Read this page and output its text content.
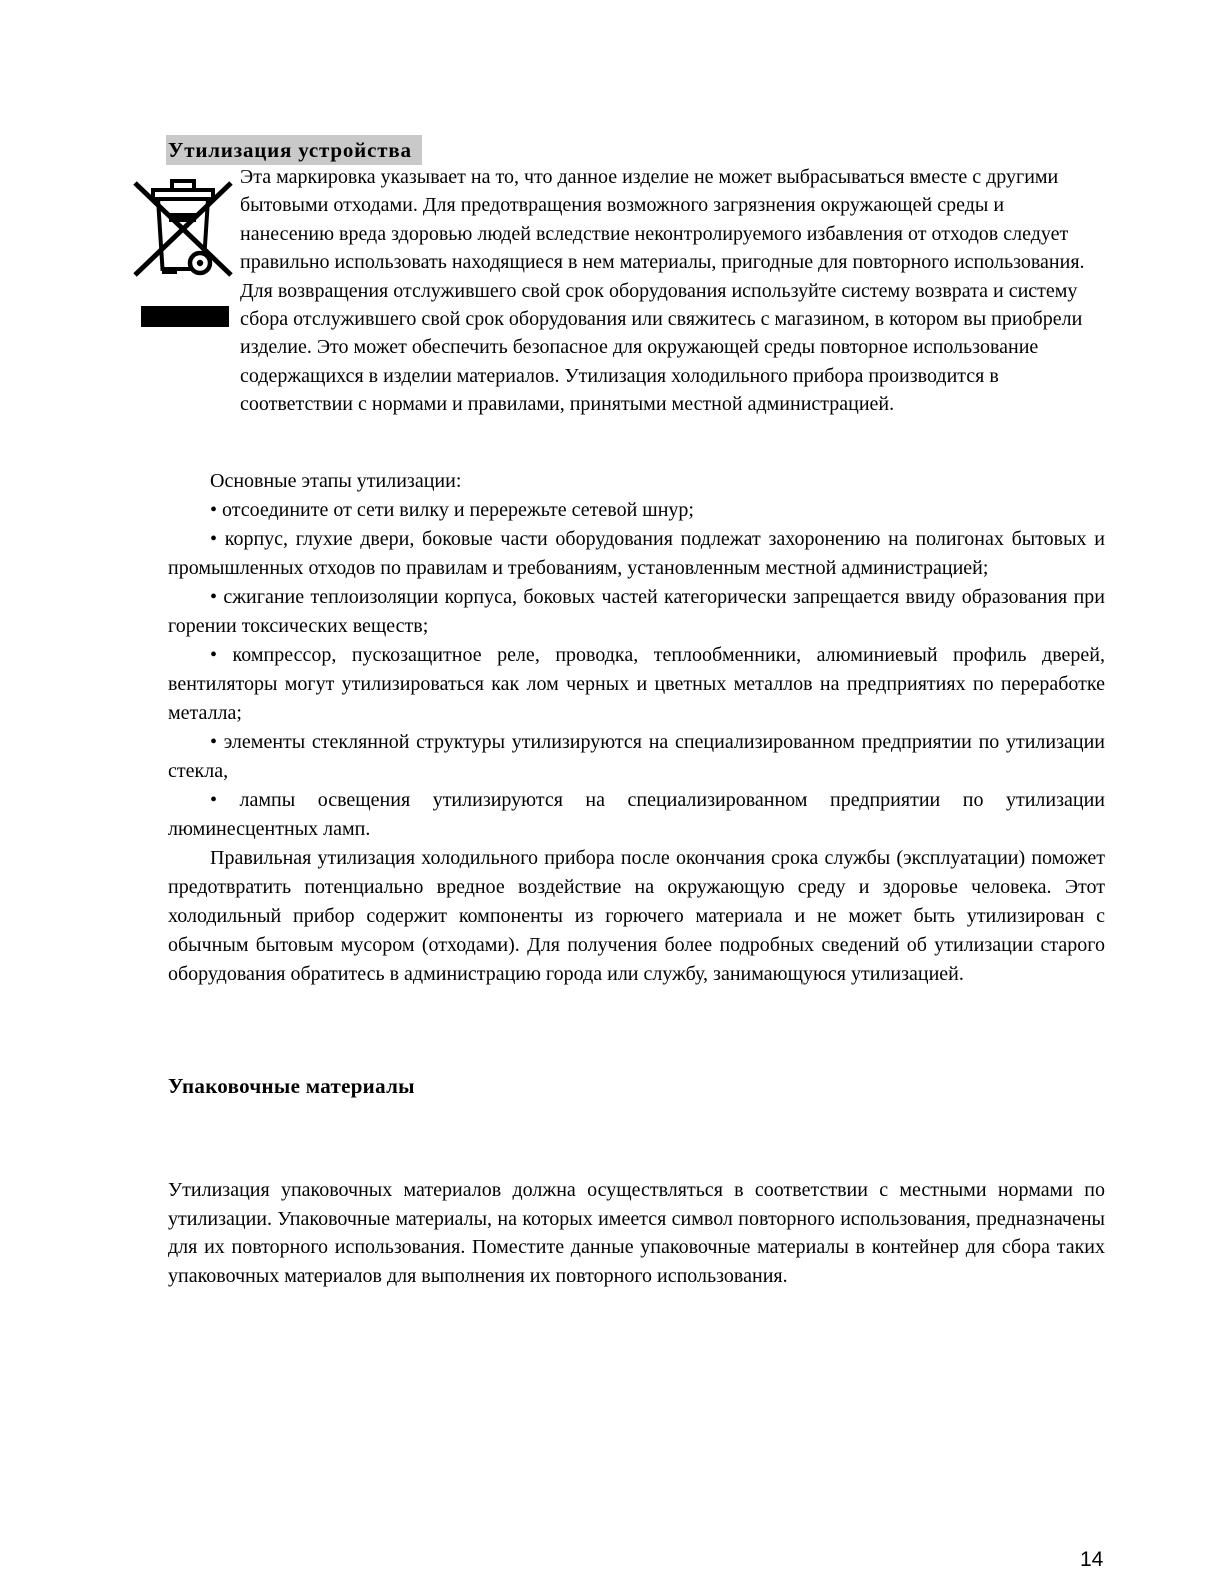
Утилизация устройства

Эта маркировка указывает на то, что данное изделие не может выбрасываться вместе с другими бытовыми отходами. Для предотвращения возможного загрязнения окружающей среды и нанесению вреда здоровью людей вследствие неконтролируемого избавления от отходов следует правильно использовать находящиеся в нем материалы, пригодные для повторного использования. Для возвращения отслужившего свой срок оборудования используйте систему возврата и систему сбора отслужившего свой срок оборудования или свяжитесь с магазином, в котором вы приобрели изделие. Это может обеспечить безопасное для окружающей среды повторное использование содержащихся в изделии материалов. Утилизация холодильного прибора производится в соответствии с нормами и правилами, принятыми местной администрацией.

Основные этапы утилизации:

• отсоедините от сети вилку и перережьте сетевой шнур;

• корпус, глухие двери, боковые части оборудования подлежат захоронению на полигонах бытовых и промышленных отходов по правилам и требованиям, установленным местной администрацией;

• сжигание теплоизоляции корпуса, боковых частей категорически запрещается ввиду образования при горении токсических веществ;

• компрессор, пускозащитное реле, проводка, теплообменники, алюминиевый профиль дверей, вентиляторы могут утилизироваться как лом черных и цветных металлов на предприятиях по переработке металла;

• элементы стеклянной структуры утилизируются на специализированном предприятии по утилизации стекла,

• лампы освещения утилизируются на специализированном предприятии по утилизации люминесцентных ламп.

Правильная утилизация холодильного прибора после окончания срока службы (эксплуатации) поможет предотвратить потенциально вредное воздействие на окружающую среду и здоровье человека. Этот холодильный прибор содержит компоненты из горючего материала и не может быть утилизирован с обычным бытовым мусором (отходами). Для получения более подробных сведений об утилизации старого оборудования обратитесь в администрацию города или службу, занимающуюся утилизацией.

Упаковочные материалы

Утилизация упаковочных материалов должна осуществляться в соответствии с местными нормами по утилизации. Упаковочные материалы, на которых имеется символ повторного использования, предназначены для их повторного использования. Поместите данные упаковочные материалы в контейнер для сбора таких упаковочных материалов для выполнения их повторного использования.

14
